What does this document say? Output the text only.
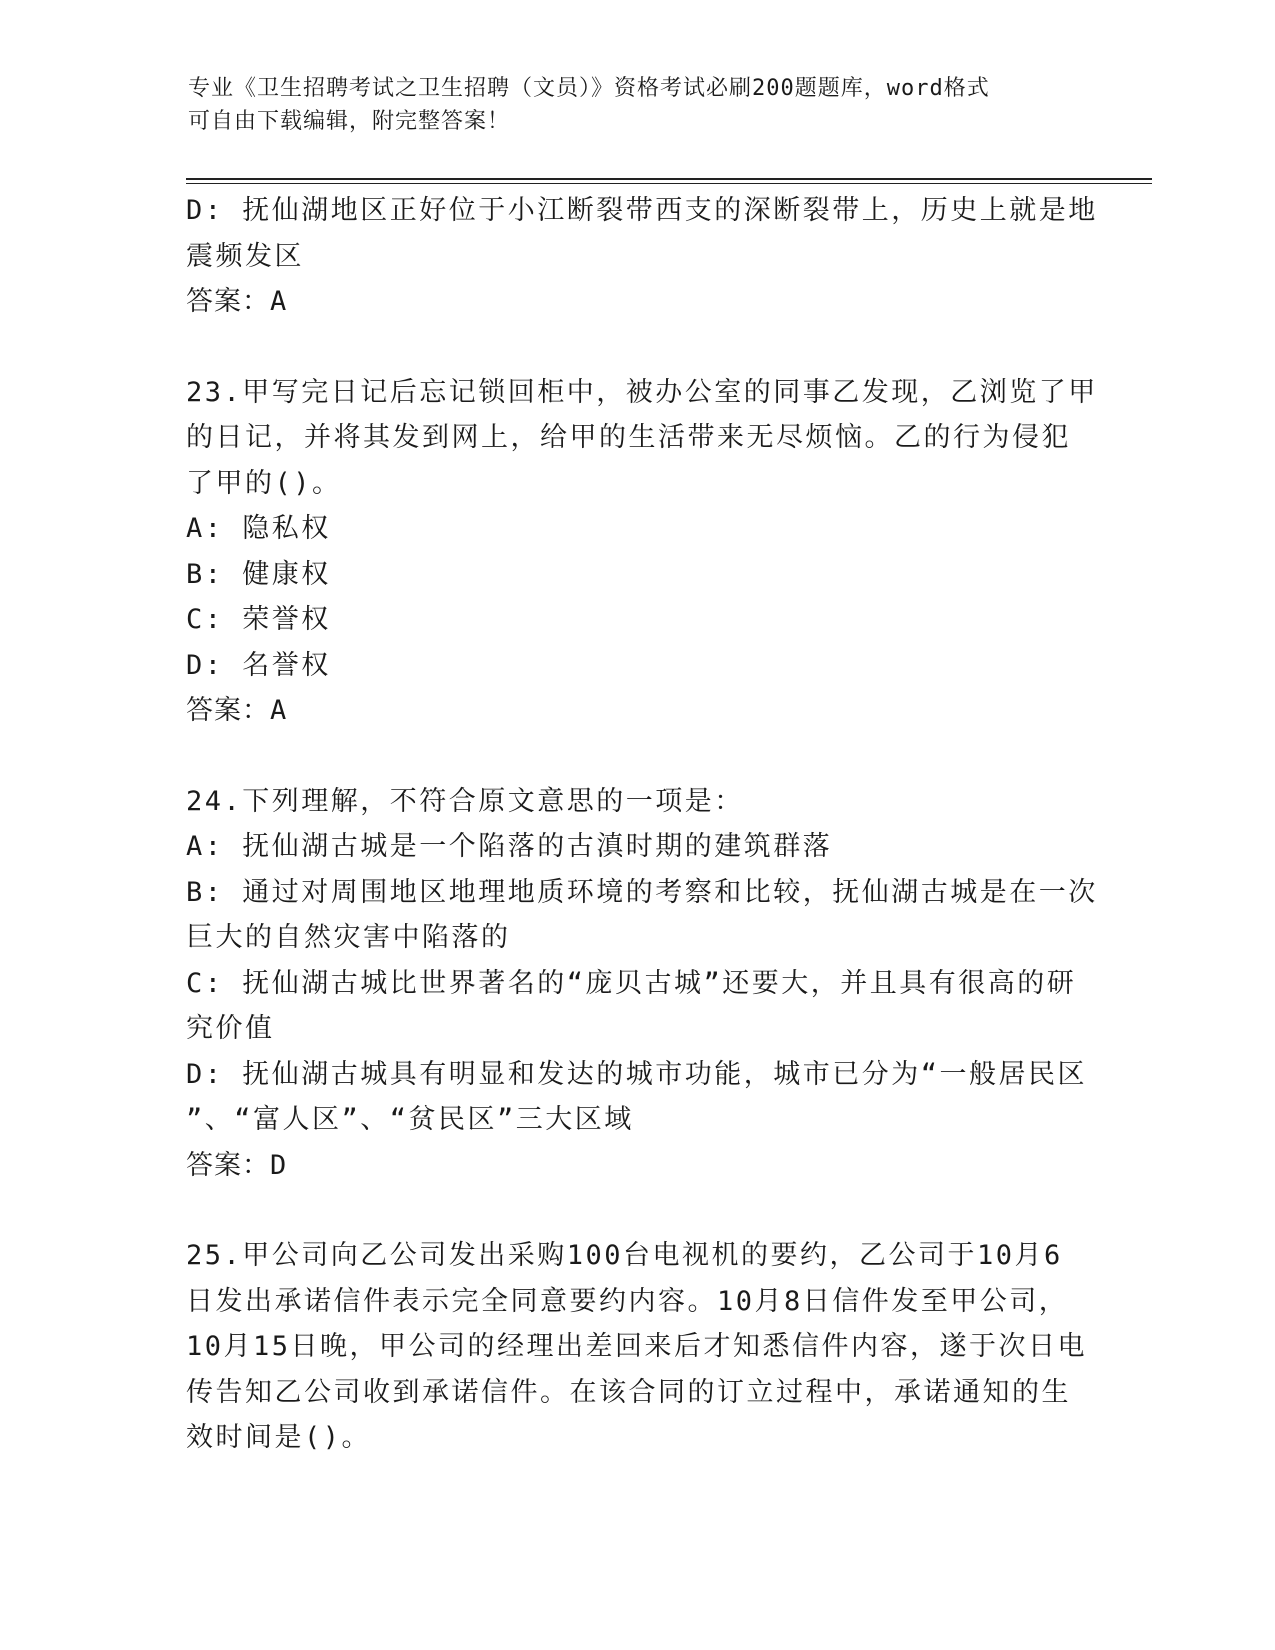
专业《卫生招聘考试之卫生招聘（文员）》资格考试必刷200题题库，word格式
可自由下载编辑，附完整答案！
D: 抚仙湖地区正好位于小江断裂带西支的深断裂带上，历史上就是地
震频发区
答案：A
23.甲写完日记后忘记锁回柜中，被办公室的同事乙发现，乙浏览了甲
的日记，并将其发到网上，给甲的生活带来无尽烦恼。乙的行为侵犯
了甲的()。
A: 隐私权
B: 健康权
C: 荣誉权
D: 名誉权
答案：A
24.下列理解，不符合原文意思的一项是：
A: 抚仙湖古城是一个陷落的古滇时期的建筑群落
B: 通过对周围地区地理地质环境的考察和比较，抚仙湖古城是在一次
巨大的自然灾害中陷落的
C: 抚仙湖古城比世界著名的“庞贝古城”还要大，并且具有很高的研
究价值
D: 抚仙湖古城具有明显和发达的城市功能，城市已分为“一般居民区
”、“富人区”、“贫民区”三大区域
答案：D
25.甲公司向乙公司发出采购100台电视机的要约，乙公司于10月6
日发出承诺信件表示完全同意要约内容。10月8日信件发至甲公司，
10月15日晚，甲公司的经理出差回来后才知悉信件内容，遂于次日电
传告知乙公司收到承诺信件。在该合同的订立过程中，承诺通知的生
效时间是()。
